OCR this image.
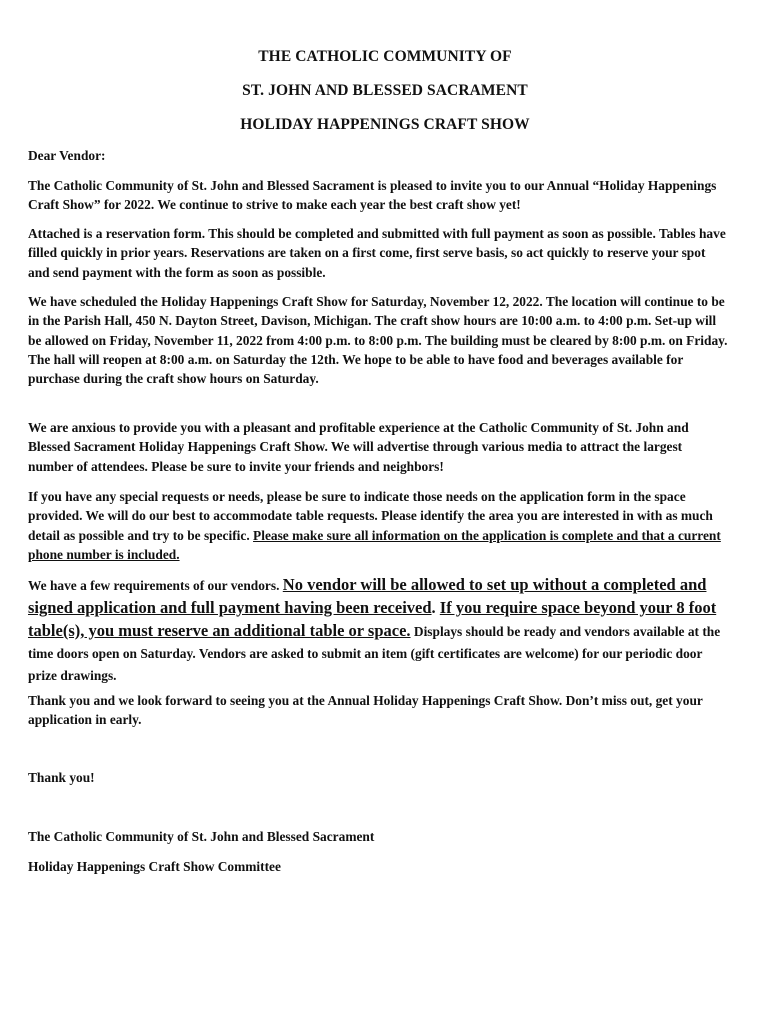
THE CATHOLIC COMMUNITY OF
ST. JOHN AND BLESSED SACRAMENT
HOLIDAY HAPPENINGS CRAFT SHOW
Dear Vendor:
The Catholic Community of St. John and Blessed Sacrament is pleased to invite you to our Annual “Holiday Happenings Craft Show” for 2022. We continue to strive to make each year the best craft show yet!
Attached is a reservation form. This should be completed and submitted with full payment as soon as possible. Tables have filled quickly in prior years. Reservations are taken on a first come, first serve basis, so act quickly to reserve your spot and send payment with the form as soon as possible.
We have scheduled the Holiday Happenings Craft Show for Saturday, November 12, 2022. The location will continue to be in the Parish Hall, 450 N. Dayton Street, Davison, Michigan. The craft show hours are 10:00 a.m. to 4:00 p.m. Set-up will be allowed on Friday, November 11, 2022 from 4:00 p.m. to 8:00 p.m. The building must be cleared by 8:00 p.m. on Friday. The hall will reopen at 8:00 a.m. on Saturday the 12th. We hope to be able to have food and beverages available for purchase during the craft show hours on Saturday.
We are anxious to provide you with a pleasant and profitable experience at the Catholic Community of St. John and Blessed Sacrament Holiday Happenings Craft Show. We will advertise through various media to attract the largest number of attendees. Please be sure to invite your friends and neighbors!
If you have any special requests or needs, please be sure to indicate those needs on the application form in the space provided. We will do our best to accommodate table requests. Please identify the area you are interested in with as much detail as possible and try to be specific. Please make sure all information on the application is complete and that a current phone number is included.
We have a few requirements of our vendors. No vendor will be allowed to set up without a completed and signed application and full payment having been received. If you require space beyond your 8 foot table(s), you must reserve an additional table or space. Displays should be ready and vendors available at the time doors open on Saturday. Vendors are asked to submit an item (gift certificates are welcome) for our periodic door prize drawings.
Thank you and we look forward to seeing you at the Annual Holiday Happenings Craft Show. Don’t miss out, get your application in early.
Thank you!
The Catholic Community of St. John and Blessed Sacrament
Holiday Happenings Craft Show Committee
